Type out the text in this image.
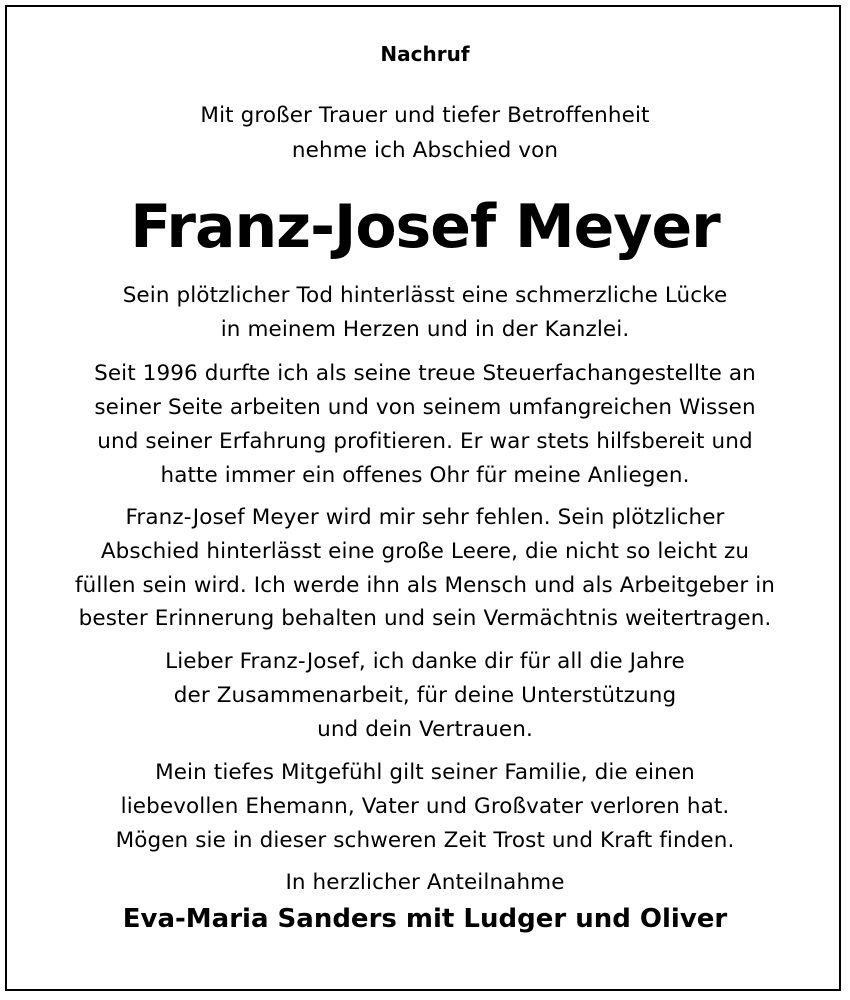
Nachruf
Mit großer Trauer und tiefer Betroffenheit
nehme ich Abschied von
Franz-Josef Meyer
Sein plötzlicher Tod hinterlässt eine schmerzliche Lücke
in meinem Herzen und in der Kanzlei.
Seit 1996 durfte ich als seine treue Steuerfachangestellte an
seiner Seite arbeiten und von seinem umfangreichen Wissen
und seiner Erfahrung profitieren. Er war stets hilfsbereit und
hatte immer ein offenes Ohr für meine Anliegen.
Franz-Josef Meyer wird mir sehr fehlen. Sein plötzlicher
Abschied hinterlässt eine große Leere, die nicht so leicht zu
füllen sein wird. Ich werde ihn als Mensch und als Arbeitgeber in
bester Erinnerung behalten und sein Vermächtnis weitertragen.
Lieber Franz-Josef, ich danke dir für all die Jahre
der Zusammenarbeit, für deine Unterstützung
und dein Vertrauen.
Mein tiefes Mitgefühl gilt seiner Familie, die einen
liebevollen Ehemann, Vater und Großvater verloren hat.
Mögen sie in dieser schweren Zeit Trost und Kraft finden.
In herzlicher Anteilnahme
Eva-Maria Sanders mit Ludger und Oliver
